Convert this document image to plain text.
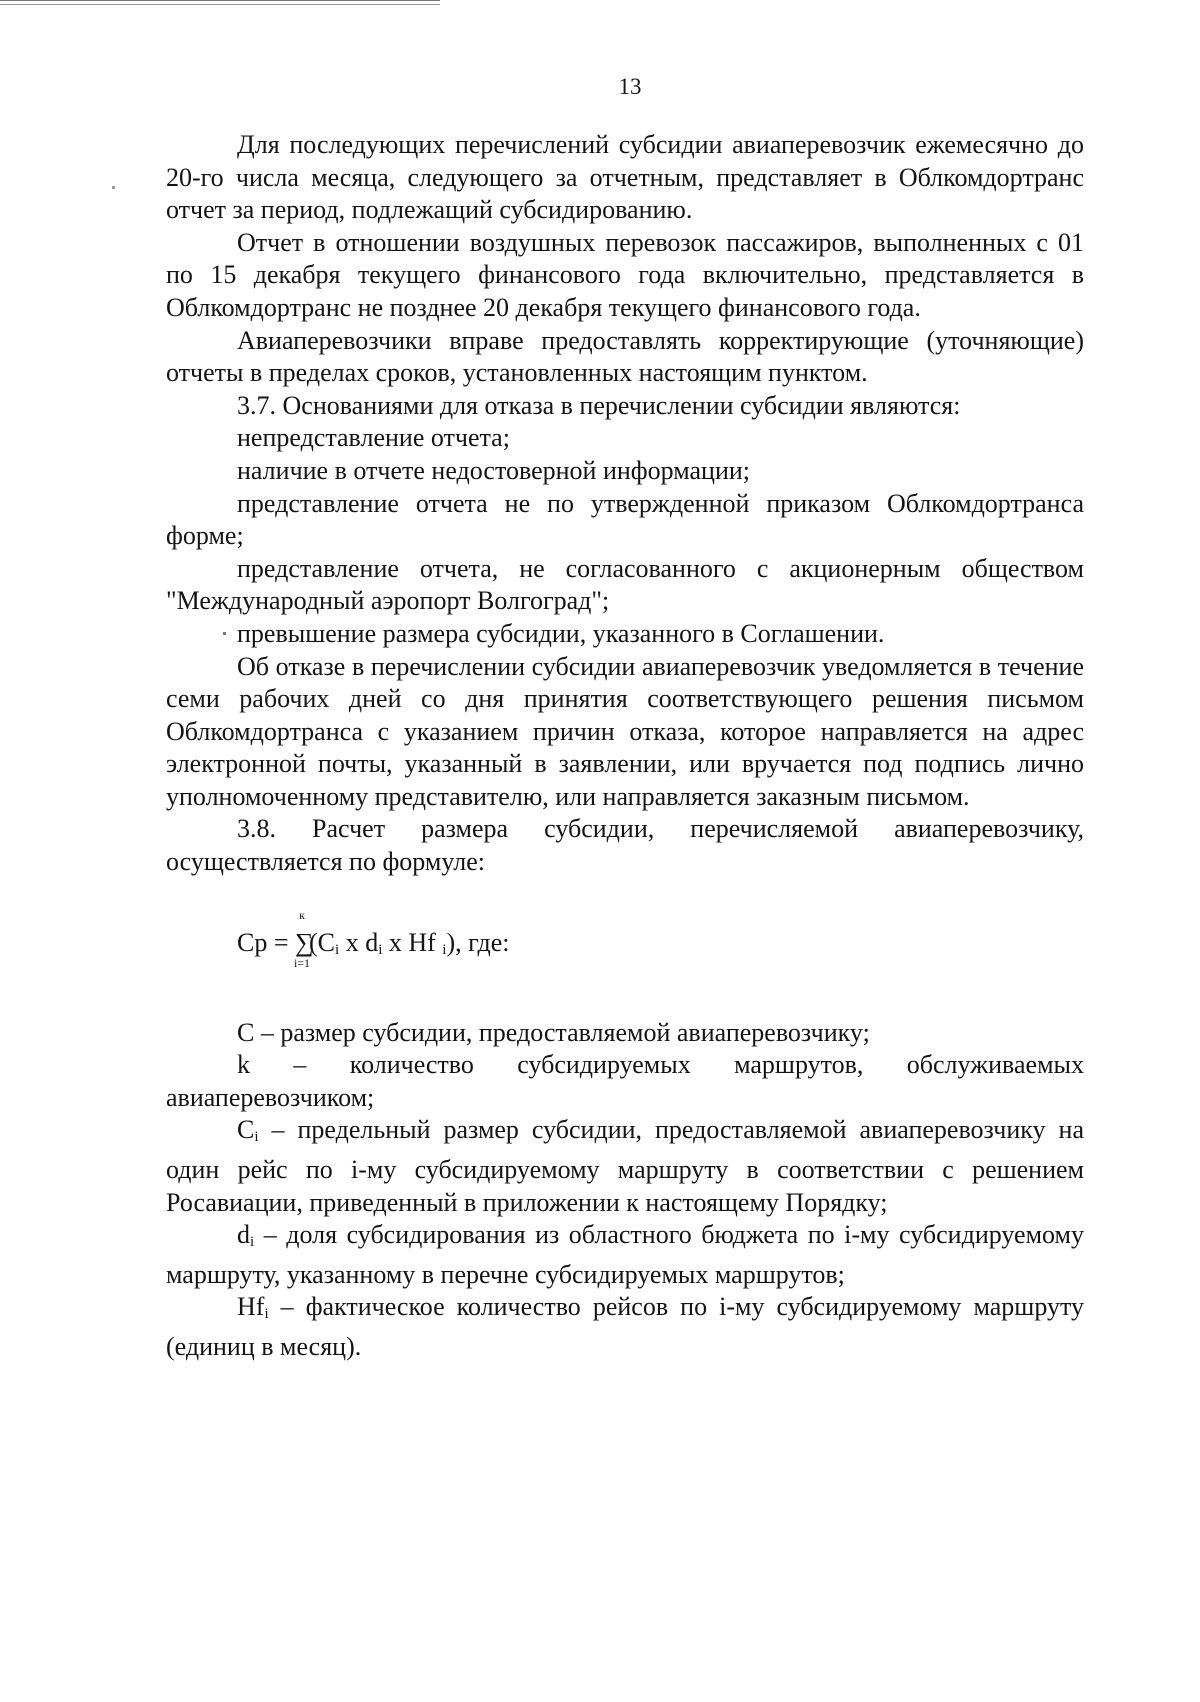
13

Для последующих перечислений субсидии авиаперевозчик ежемесячно до 20-го числа месяца, следующего за отчетным, представляет в Облкомдортранс отчет за период, подлежащий субсидированию.

Отчет в отношении воздушных перевозок пассажиров, выполненных с 01 по 15 декабря текущего финансового года включительно, представляется в Облкомдортранс не позднее 20 декабря текущего финансового года.

Авиаперевозчики вправе предоставлять корректирующие (уточняющие) отчеты в пределах сроков, установленных настоящим пунктом.

3.7. Основаниями для отказа в перечислении субсидии являются:

непредставление отчета;

наличие в отчете недостоверной информации;

представление отчета не по утвержденной приказом Облкомдортранса форме;

представление отчета, не согласованного с акционерным обществом "Международный аэропорт Волгоград";

превышение размера субсидии, указанного в Соглашении.

Об отказе в перечислении субсидии авиаперевозчик уведомляется в течение семи рабочих дней со дня принятия соответствующего решения письмом Облкомдортранса с указанием причин отказа, которое направляется на адрес электронной почты, указанный в заявлении, или вручается под подпись лично уполномоченному представителю, или направляется заказным письмом.

3.8. Расчет размера субсидии, перечисляемой авиаперевозчику, осуществляется по формуле:

Cp =
к
∑
i=1
($C_i$ x $d_i$ x Hf $_i$), где:

С – размер субсидии, предоставляемой авиаперевозчику;

k – количество субсидируемых маршрутов, обслуживаемых авиаперевозчиком;

$C_i$ – предельный размер субсидии, предоставляемой авиаперевозчику на один рейс по i-му субсидируемому маршруту в соответствии с решением Росавиации, приведенный в приложении к настоящему Порядку;

$d_i$ – доля субсидирования из областного бюджета по i-му субсидируемому маршруту, указанному в перечне субсидируемых маршрутов;

$Hf_i$ – фактическое количество рейсов по i-му субсидируемому маршруту (единиц в месяц).
